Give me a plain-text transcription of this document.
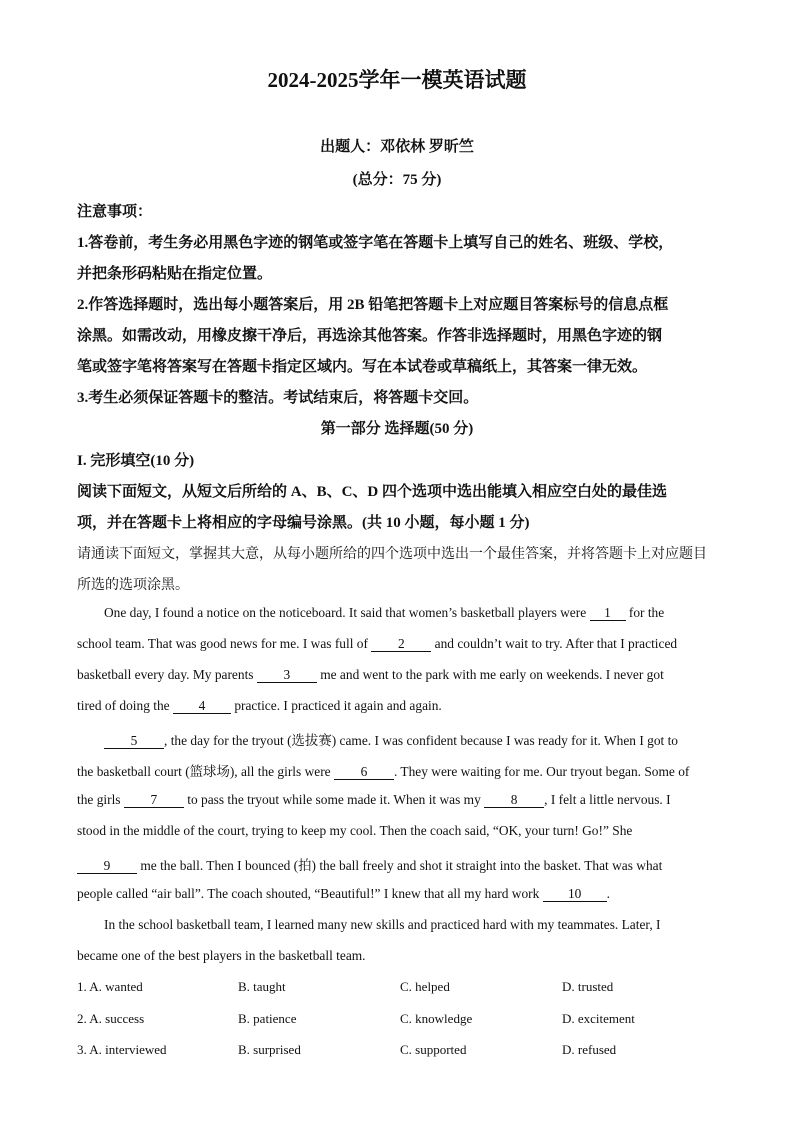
2024-2025学年一模英语试题
出题人：邓依林 罗昕竺
(总分：75 分)
注意事项：
1.答卷前，考生务必用黑色字迹的钢笔或签字笔在答题卡上填写自己的姓名、班级、学校，
并把条形码粘贴在指定位置。
2.作答选择题时，选出每小题答案后，用 2B 铅笔把答题卡上对应题目答案标号的信息点框
涂黑。如需改动，用橡皮擦干净后，再选涂其他答案。作答非选择题时，用黑色字迹的钢
笔或签字笔将答案写在答题卡指定区域内。写在本试卷或草稿纸上，其答案一律无效。
3.考生必须保证答题卡的整洁。考试结束后，将答题卡交回。
第一部分 选择题(50 分)
I. 完形填空(10 分)
阅读下面短文，从短文后所给的 A、B、C、D 四个选项中选出能填入相应空白处的最佳选
项，并在答题卡上将相应的字母编号涂黑。(共 10 小题，每小题 1 分)
请通读下面短文，掌握其大意，从每小题所给的四个选项中选出一个最佳答案，并将答题卡上对应题目
所选的选项涂黑。
One day, I found a notice on the noticeboard. It said that women’s basketball players were 1 for the
school team. That was good news for me. I was full of 2 and couldn’t wait to try. After that I practiced
basketball every day. My parents 3 me and went to the park with me early on weekends. I never got
tired of doing the 4 practice. I practiced it again and again.
5 , the day for the tryout (选拔赛) came. I was confident because I was ready for it. When I got to
the basketball court (篮球场), all the girls were 6 . They were waiting for me. Our tryout began. Some of
the girls 7 to pass the tryout while some made it. When it was my 8 , I felt a little nervous. I
stood in the middle of the court, trying to keep my cool. Then the coach said, “OK, your turn! Go!” She
9 me the ball. Then I bounced (拍) the ball freely and shot it straight into the basket. That was what
people called “air ball”. The coach shouted, “Beautiful!” I knew that all my hard work 10 .
In the school basketball team, I learned many new skills and practiced hard with my teammates. Later, I
became one of the best players in the basketball team.
1. A. wanted	B. taught	C. helped	D. trusted
2. A. success	B. patience	C. knowledge	D. excitement
3. A. interviewed	B. surprised	C. supported	D. refused
